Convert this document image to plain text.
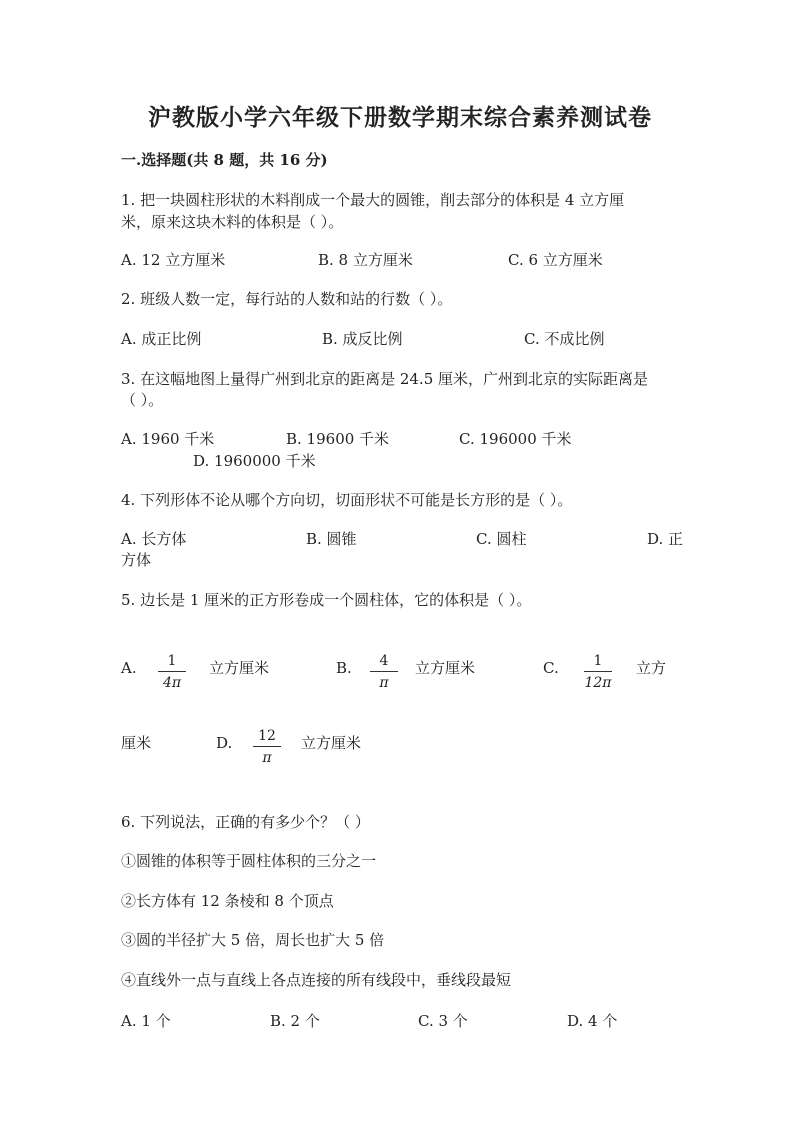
沪教版小学六年级下册数学期末综合素养测试卷
一.选择题(共 8 题，共 16 分)
1. 把一块圆柱形状的木料削成一个最大的圆锥，削去部分的体积是 4 立方厘
米，原来这块木料的体积是（ ）。
A. 12 立方厘米	B. 8 立方厘米	C. 6 立方厘米
2. 班级人数一定，每行站的人数和站的行数（ ）。
A. 成正比例	B. 成反比例	C. 不成比例
3. 在这幅地图上量得广州到北京的距离是 24.5 厘米，广州到北京的实际距离是
（ ）。
A. 1960 千米	B. 19600 千米	C. 196000 千米
D. 1960000 千米
4. 下列形体不论从哪个方向切，切面形状不可能是长方形的是（ ）。
A. 长方体	B. 圆锥	C. 圆柱	D. 正
方体
5. 边长是 1 厘米的正方形卷成一个圆柱体，它的体积是（ ）。
A.	1
4π
立方厘米	B.	4
π
立方厘米	C.	1
12π
立方
厘米	D.	12
π
立方厘米
6. 下列说法，正确的有多少个？（ ）
①圆锥的体积等于圆柱体积的三分之一
②长方体有 12 条棱和 8 个顶点
③圆的半径扩大 5 倍，周长也扩大 5 倍
④直线外一点与直线上各点连接的所有线段中，垂线段最短
A. 1 个	B. 2 个	C. 3 个	D. 4 个
